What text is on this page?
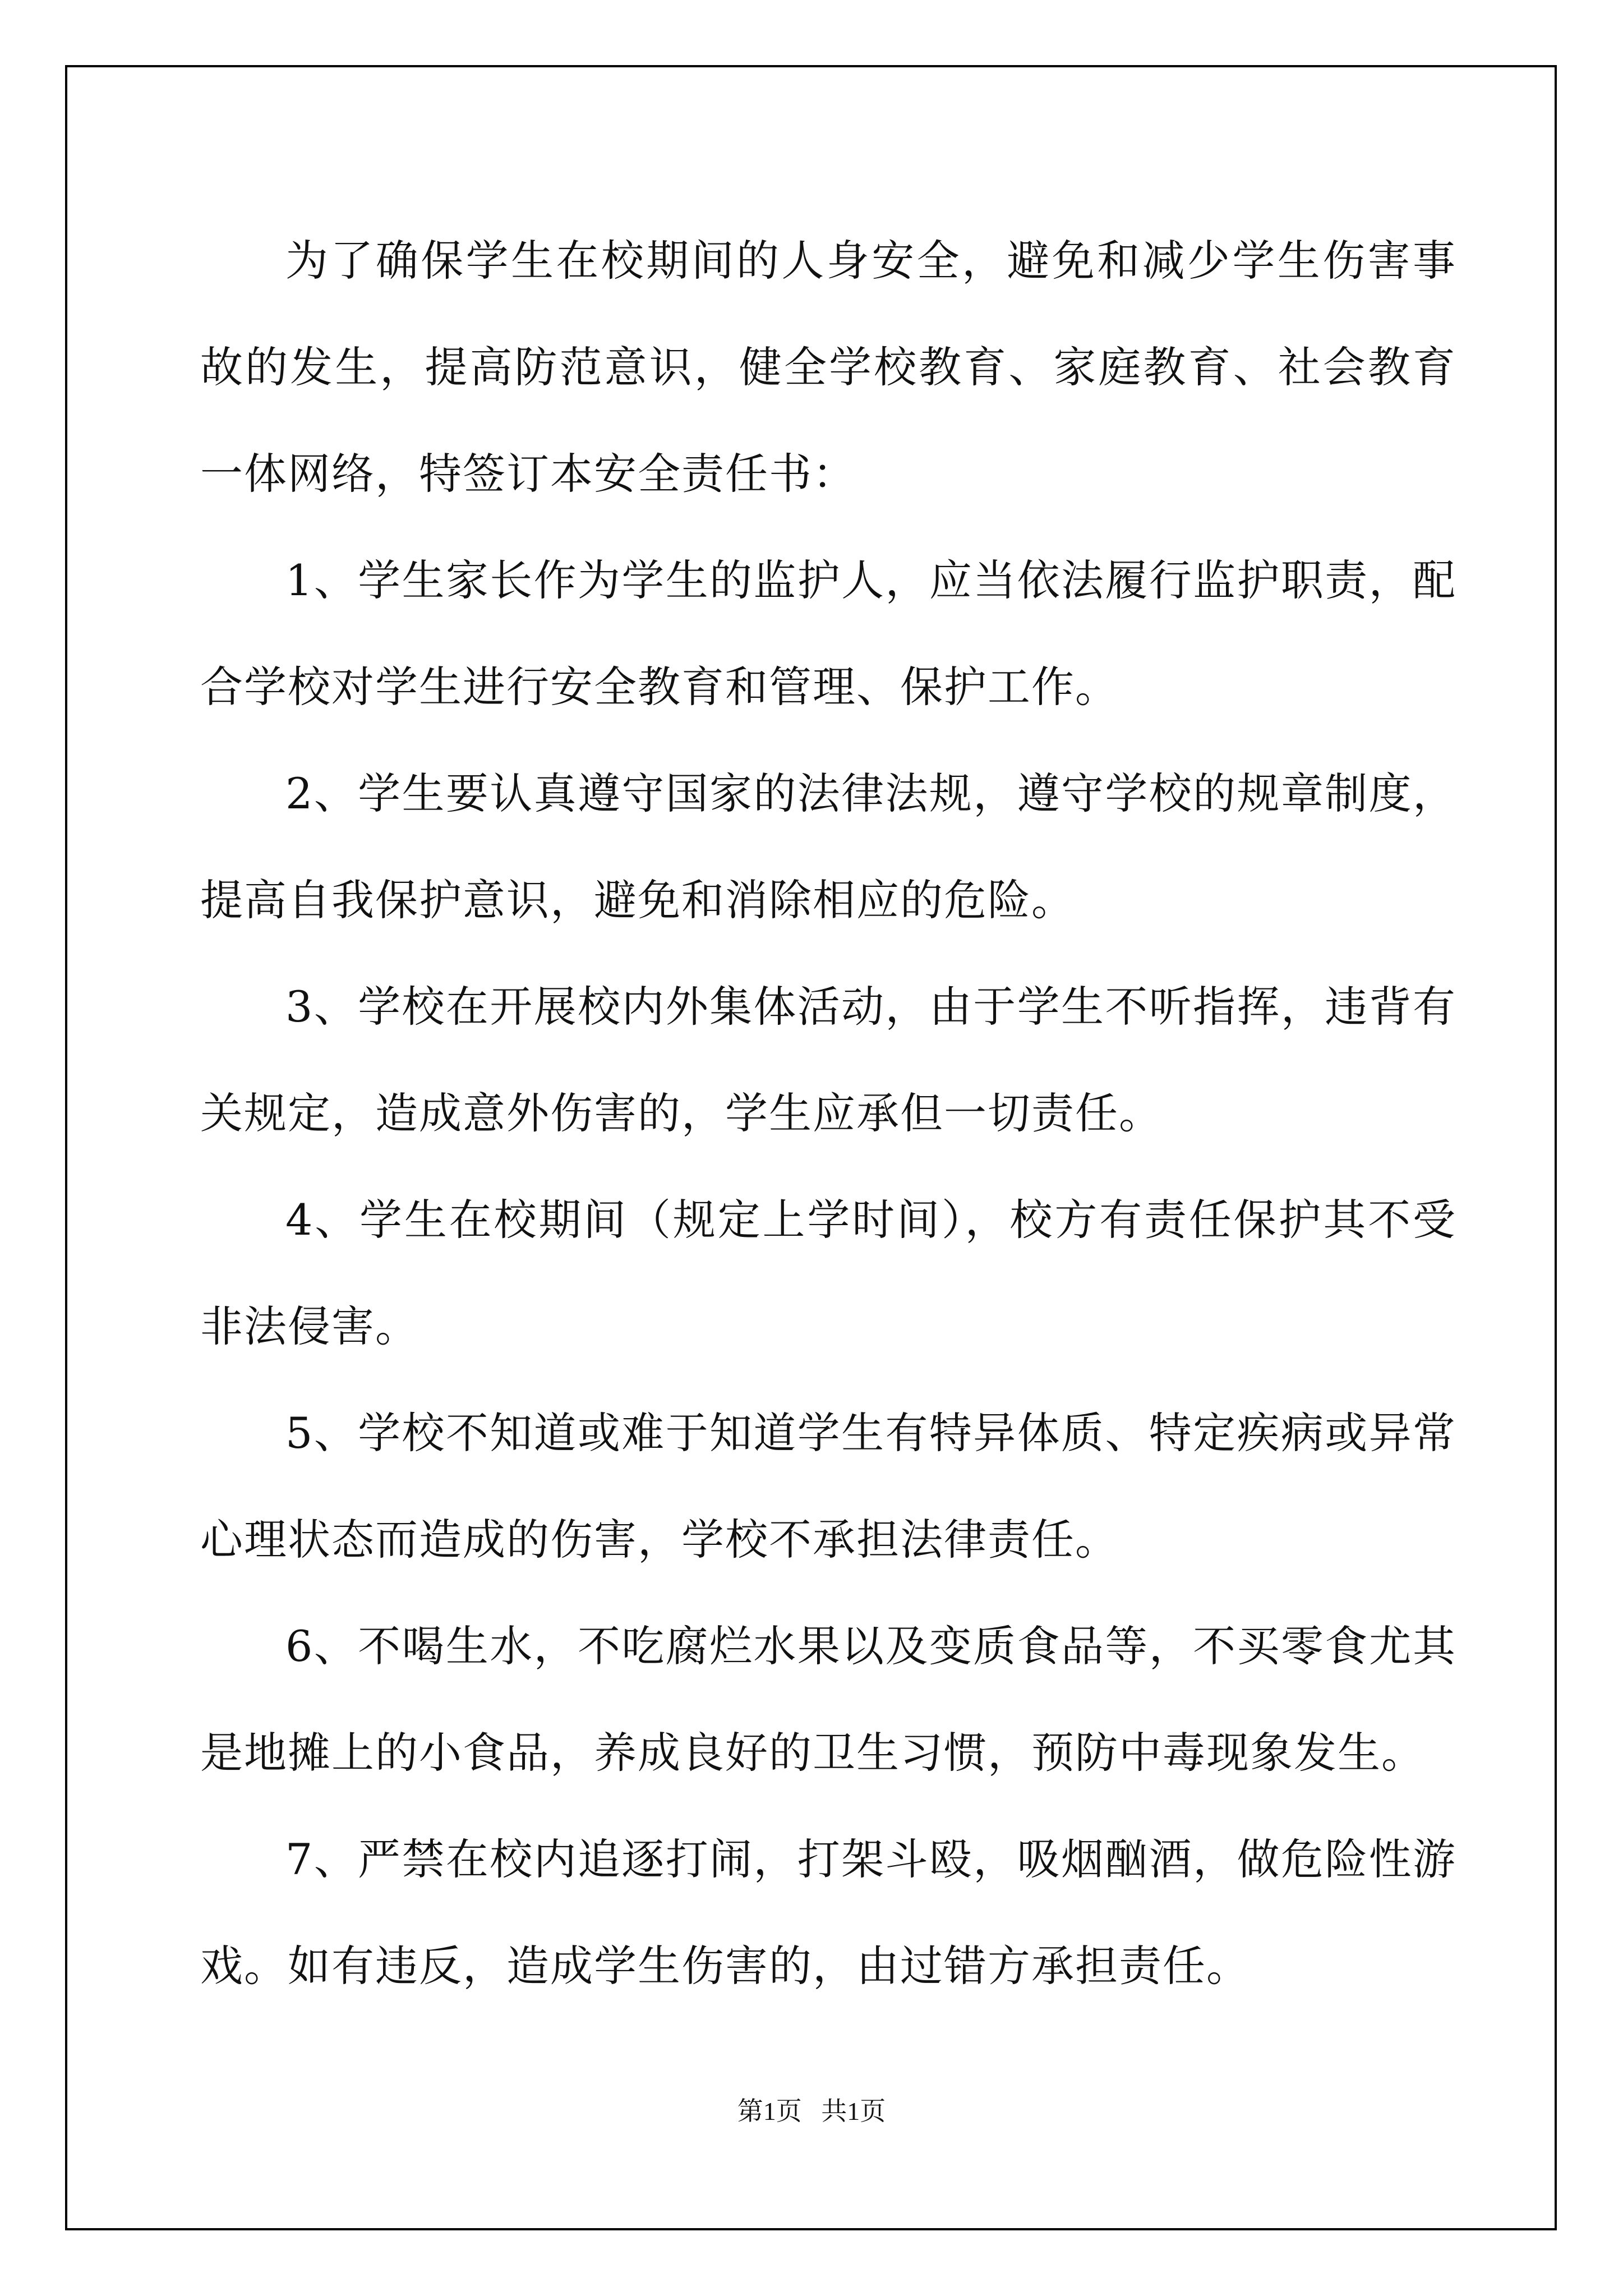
为了确保学生在校期间的人身安全，避免和减少学生伤害事故的发生，提高防范意识，健全学校教育、家庭教育、社会教育一体网络，特签订本安全责任书：

1、学生家长作为学生的监护人，应当依法履行监护职责，配合学校对学生进行安全教育和管理、保护工作。

2、学生要认真遵守国家的法律法规，遵守学校的规章制度，提高自我保护意识，避免和消除相应的危险。

3、学校在开展校内外集体活动，由于学生不听指挥，违背有关规定，造成意外伤害的，学生应承但一切责任。

4、学生在校期间（规定上学时间），校方有责任保护其不受非法侵害。

5、学校不知道或难于知道学生有特异体质、特定疾病或异常心理状态而造成的伤害，学校不承担法律责任。

6、不喝生水，不吃腐烂水果以及变质食品等，不买零食尤其是地摊上的小食品，养成良好的卫生习惯，预防中毒现象发生。

7、严禁在校内追逐打闹，打架斗殴，吸烟酗酒，做危险性游戏。如有违反，造成学生伤害的，由过错方承担责任。

第1页   共1页
